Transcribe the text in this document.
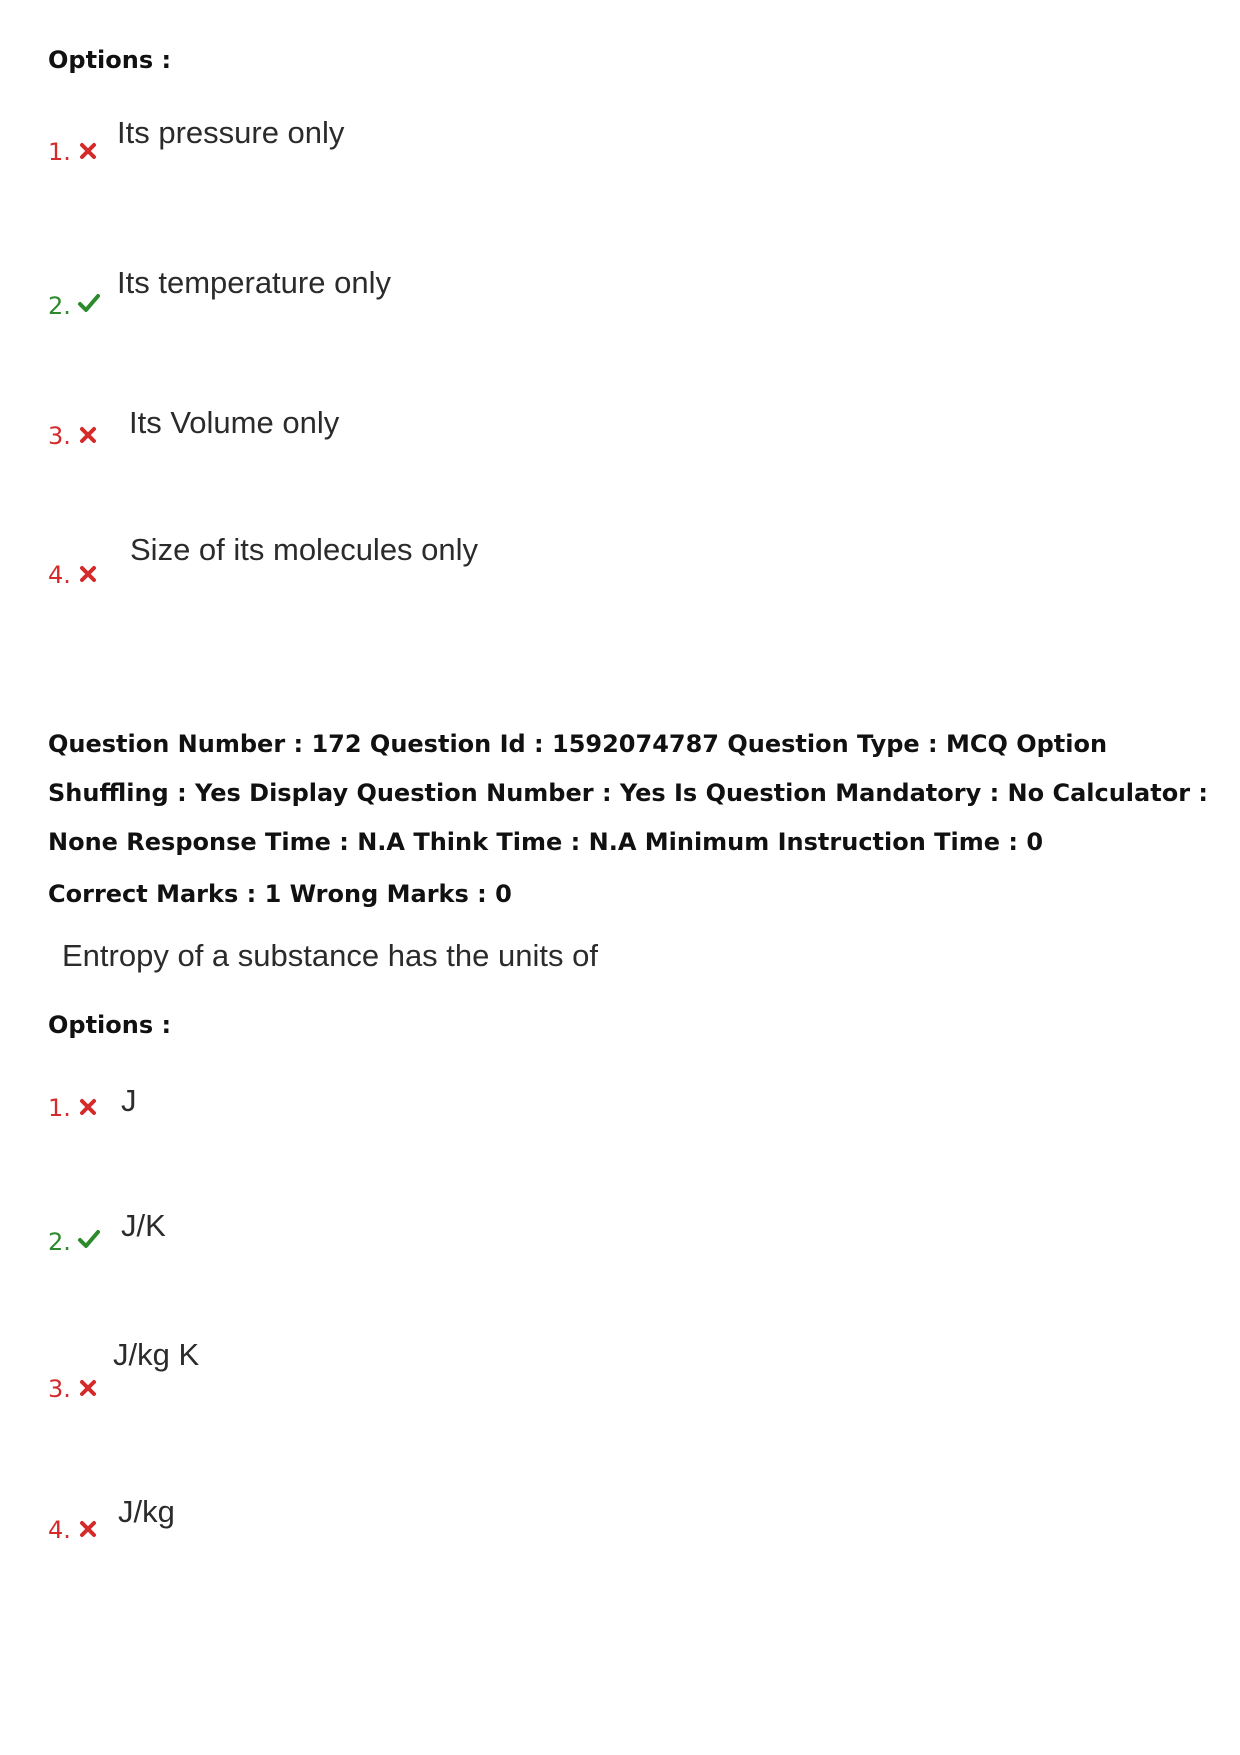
Options :
1.
Its pressure only
2.
Its temperature only
3. Its Volume only
4.
Size of its molecules only
Question Number : 172 Question Id : 1592074787 Question Type : MCQ Option Shuffling : Yes Display Question Number : Yes Is Question Mandatory : No Calculator : None Response Time : N.A Think Time : N.A Minimum Instruction Time : 0
Correct Marks : 1 Wrong Marks : 0
Entropy of a substance has the units of
Options :
1. J
2. J/K
3.
J/kg K
4.
J/kg
